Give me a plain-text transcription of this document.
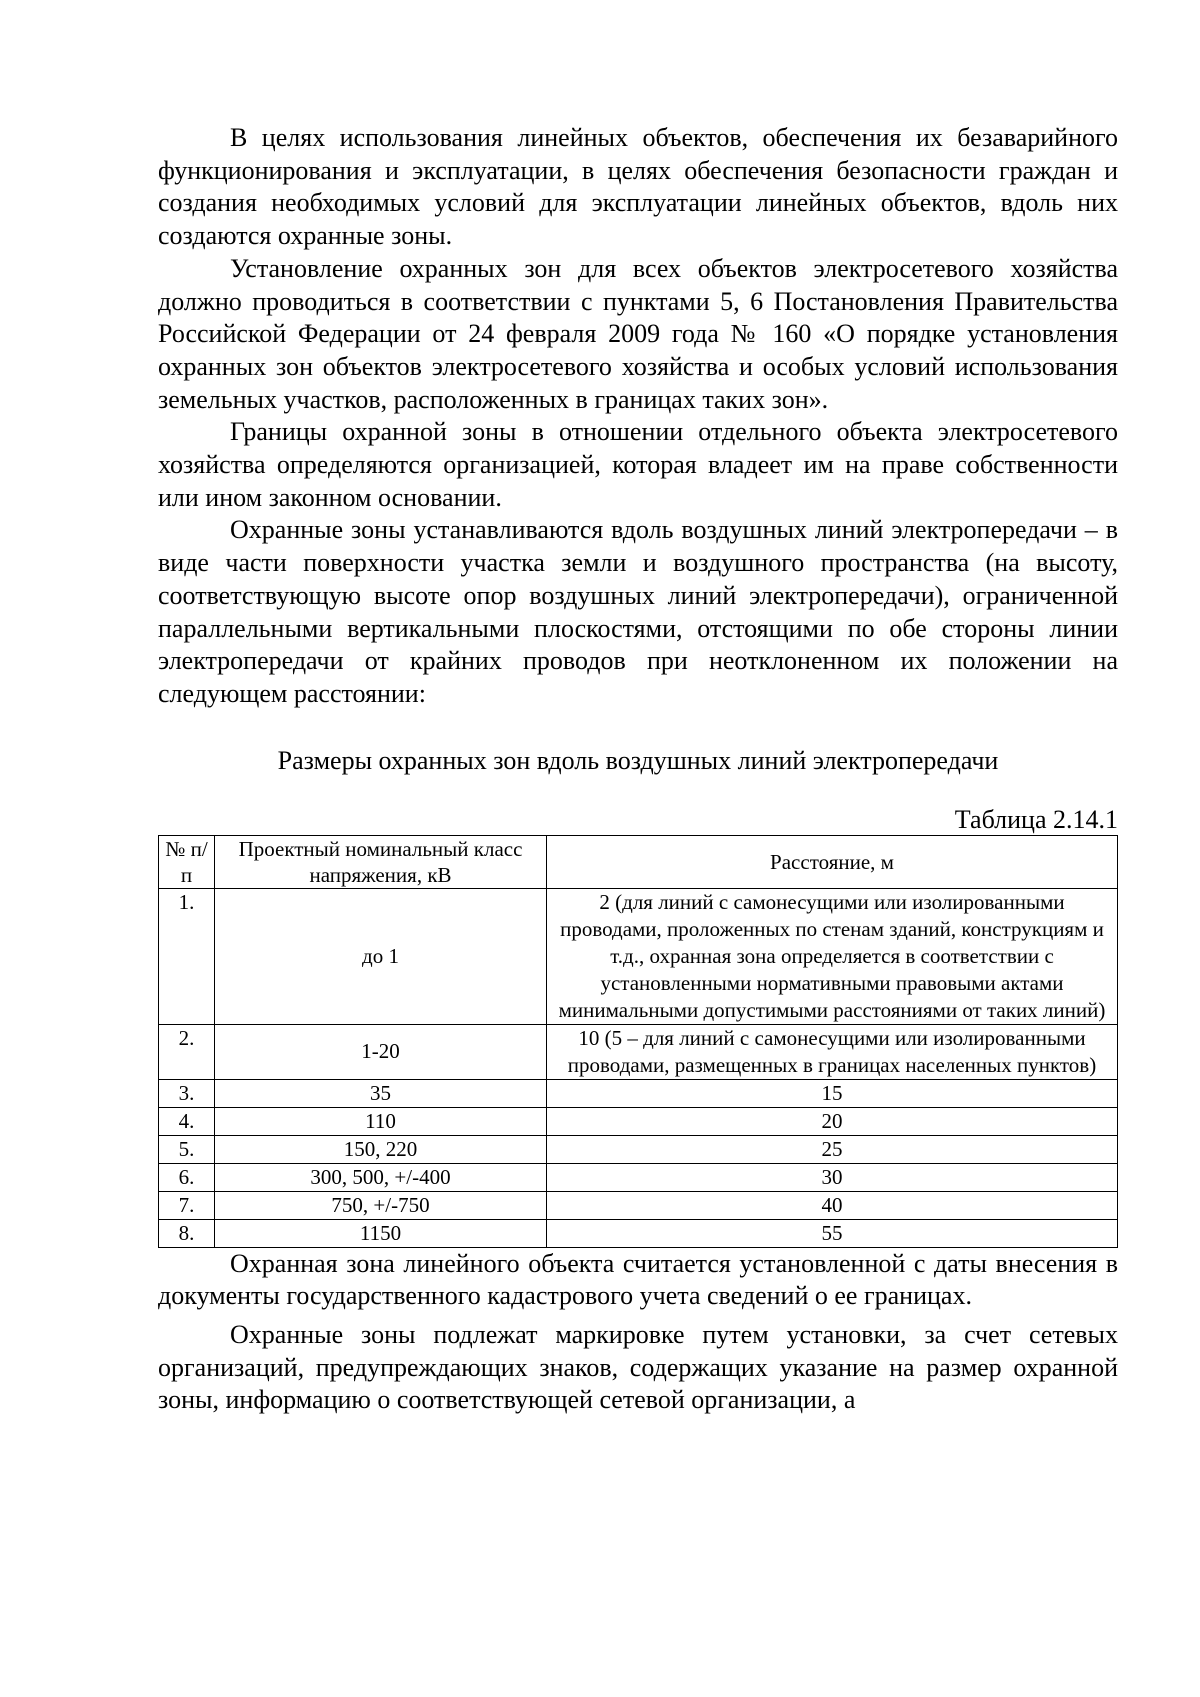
В целях использования линейных объектов, обеспечения их безаварийного функционирования и эксплуатации, в целях обеспечения безопасности граждан и создания необходимых условий для эксплуатации линейных объектов, вдоль них создаются охранные зоны.

Установление охранных зон для всех объектов электросетевого хозяйства должно проводиться в соответствии с пунктами 5, 6 Постановления Правительства Российской Федерации от 24 февраля 2009 года № 160 «О порядке установления охранных зон объектов электросетевого хозяйства и особых условий использования земельных участков, расположенных в границах таких зон».

Границы охранной зоны в отношении отдельного объекта электросетевого хозяйства определяются организацией, которая владеет им на праве собственности или ином законном основании.

Охранные зоны устанавливаются вдоль воздушных линий электропередачи – в виде части поверхности участка земли и воздушного пространства (на высоту, соответствующую высоте опор воздушных линий электропередачи), ограниченной параллельными вертикальными плоскостями, отстоящими по обе стороны линии электропередачи от крайних проводов при неотклоненном их положении на следующем расстоянии:

Размеры охранных зон вдоль воздушных линий электропередачи

Таблица 2.14.1

№ п/п	Проектный номинальный класс напряжения, кВ	Расстояние, м
1.	до 1	2 (для линий с самонесущими или изолированными проводами, проложенных по стенам зданий, конструкциям и т.д., охранная зона определяется в соответствии с установленными нормативными правовыми актами минимальными допустимыми расстояниями от таких линий)
2.	1-20	10 (5 – для линий с самонесущими или изолированными проводами, размещенных в границах населенных пунктов)
3.	35	15
4.	110	20
5.	150, 220	25
6.	300, 500, +/-400	30
7.	750, +/-750	40
8.	1150	55

Охранная зона линейного объекта считается установленной с даты внесения в документы государственного кадастрового учета сведений о ее границах.

Охранные зоны подлежат маркировке путем установки, за счет сетевых организаций, предупреждающих знаков, содержащих указание на размер охранной зоны, информацию о соответствующей сетевой организации, а
